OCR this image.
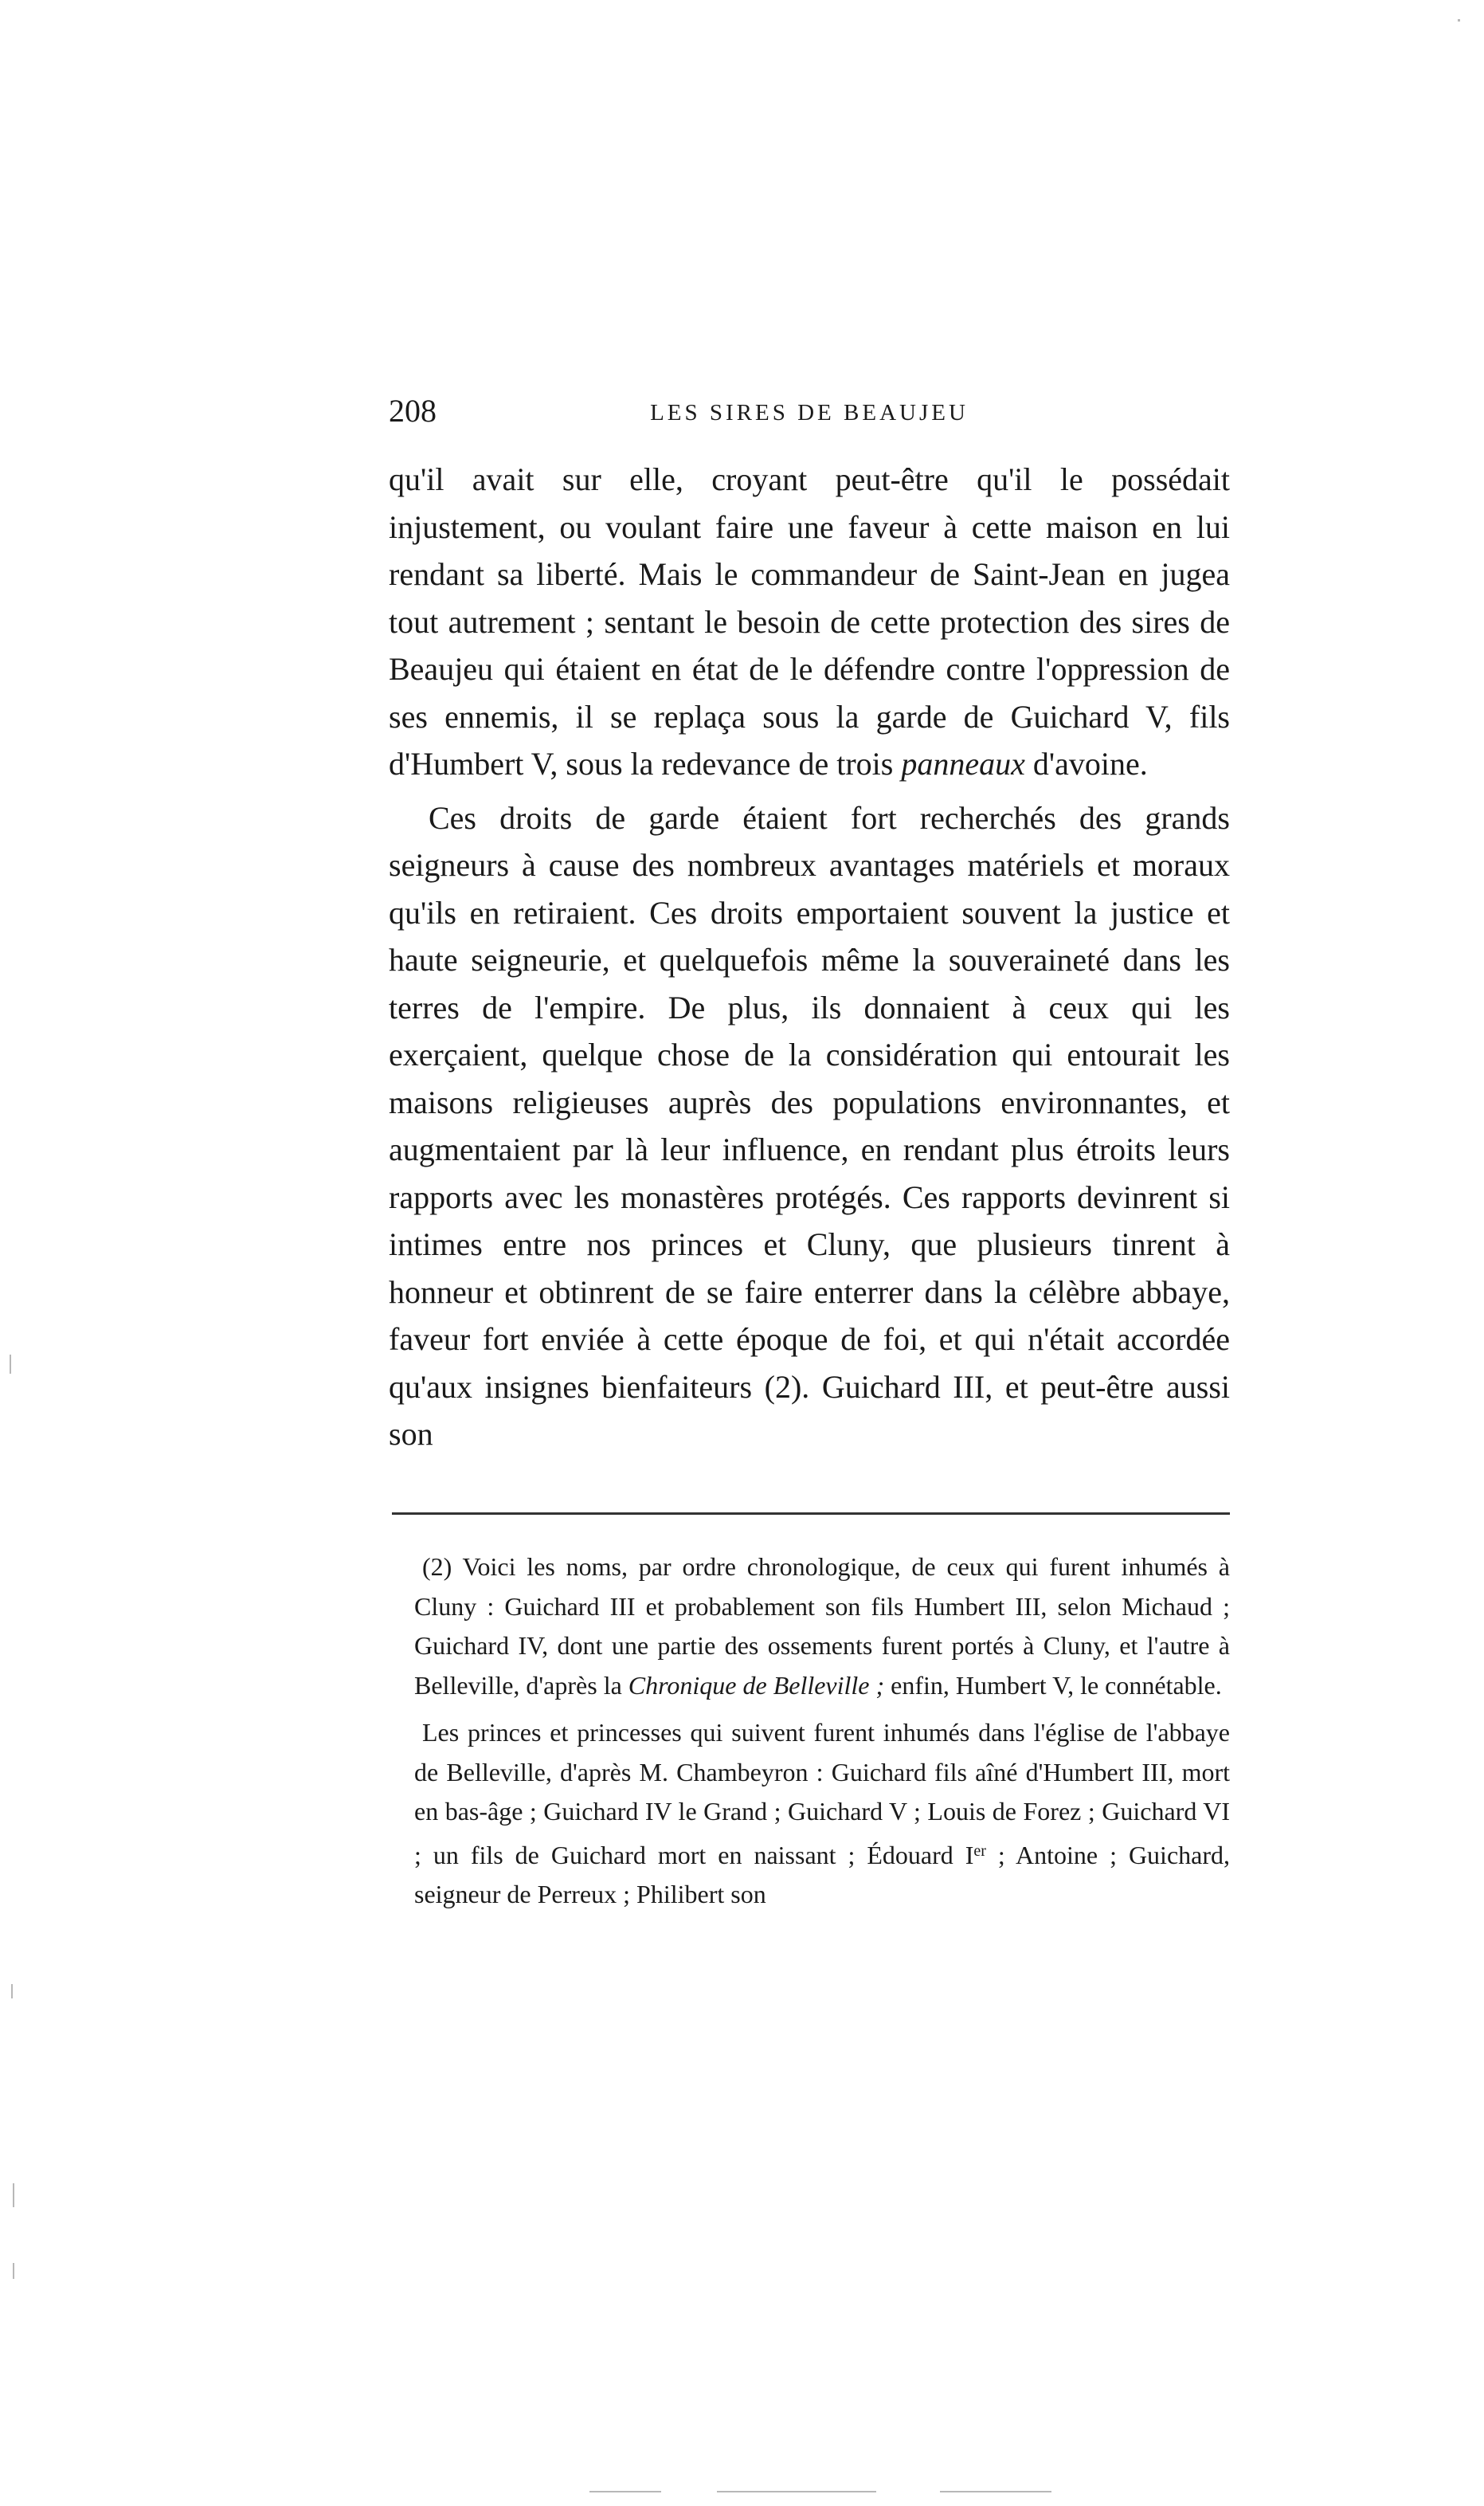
208	LES SIRES DE BEAUJEU

qu'il avait sur elle, croyant peut-être qu'il le possédait injustement, ou voulant faire une faveur à cette maison en lui rendant sa liberté. Mais le commandeur de Saint-Jean en jugea tout autrement ; sentant le besoin de cette protection des sires de Beaujeu qui étaient en état de le défendre contre l'oppression de ses ennemis, il se replaça sous la garde de Guichard V, fils d'Humbert V, sous la redevance de trois panneaux d'avoine.

Ces droits de garde étaient fort recherchés des grands seigneurs à cause des nombreux avantages matériels et moraux qu'ils en retiraient. Ces droits emportaient souvent la justice et haute seigneurie, et quelquefois même la souveraineté dans les terres de l'empire. De plus, ils donnaient à ceux qui les exerçaient, quelque chose de la considération qui entourait les maisons religieuses auprès des populations environnantes, et augmentaient par là leur influence, en rendant plus étroits leurs rapports avec les monastères protégés. Ces rapports devinrent si intimes entre nos princes et Cluny, que plusieurs tinrent à honneur et obtinrent de se faire enterrer dans la célèbre abbaye, faveur fort enviée à cette époque de foi, et qui n'était accordée qu'aux insignes bienfaiteurs (2). Guichard III, et peut-être aussi son

(2) Voici les noms, par ordre chronologique, de ceux qui furent inhumés à Cluny : Guichard III et probablement son fils Humbert III, selon Michaud ; Guichard IV, dont une partie des ossements furent portés à Cluny, et l'autre à Belleville, d'après la Chronique de Belleville ; enfin, Humbert V, le connétable.

Les princes et princesses qui suivent furent inhumés dans l'église de l'abbaye de Belleville, d'après M. Chambeyron : Guichard fils aîné d'Humbert III, mort en bas-âge ; Guichard IV le Grand ; Guichard V ; Louis de Forez ; Guichard VI ; un fils de Guichard mort en naissant ; Édouard Ier ; Antoine ; Guichard, seigneur de Perreux ; Philibert son
